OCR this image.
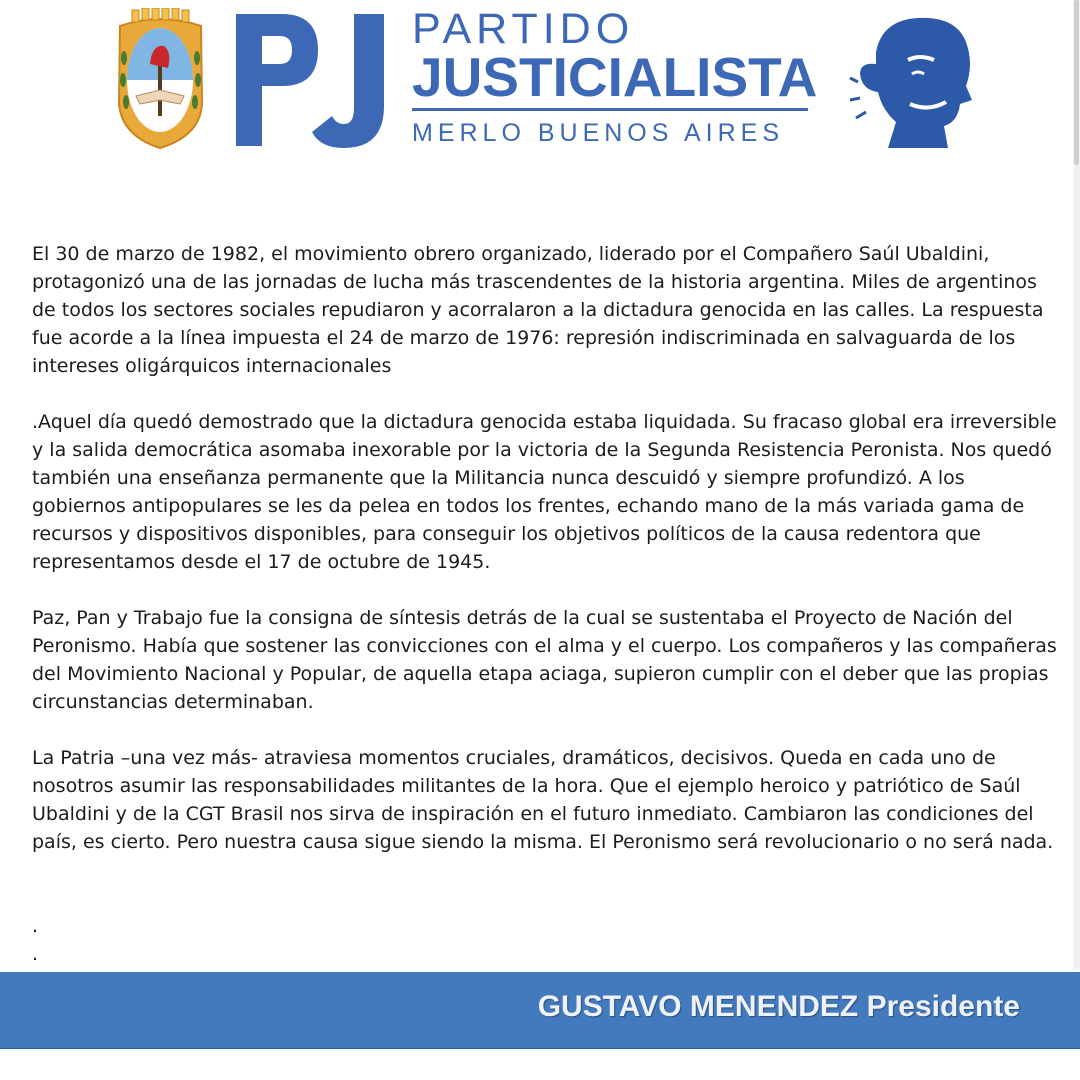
PARTIDO
JUSTICIALISTA
MERLO BUENOS AIRES

El 30 de marzo de 1982, el movimiento obrero organizado, liderado por el Compañero Saúl Ubaldini, protagonizó una de las jornadas de lucha más trascendentes de la historia argentina. Miles de argentinos de todos los sectores sociales repudiaron y acorralaron a la dictadura genocida en las calles. La respuesta fue acorde a la línea impuesta el 24 de marzo de 1976: represión indiscriminada en salvaguarda de los intereses oligárquicos internacionales

.Aquel día quedó demostrado que la dictadura genocida estaba liquidada. Su fracaso global era irreversible y la salida democrática asomaba inexorable por la victoria de la Segunda Resistencia Peronista. Nos quedó también una enseñanza permanente que la Militancia nunca descuidó y siempre profundizó. A los gobiernos antipopulares se les da pelea en todos los frentes, echando mano de la más variada gama de recursos y dispositivos disponibles, para conseguir los objetivos políticos de la causa redentora que representamos desde el 17 de octubre de 1945.

Paz, Pan y Trabajo fue la consigna de síntesis detrás de la cual se sustentaba el Proyecto de Nación del Peronismo. Había que sostener las convicciones con el alma y el cuerpo. Los compañeros y las compañeras del Movimiento Nacional y Popular, de aquella etapa aciaga, supieron cumplir con el deber que las propias circunstancias determinaban.

La Patria –una vez más- atraviesa momentos cruciales, dramáticos, decisivos. Queda en cada uno de nosotros asumir las responsabilidades militantes de la hora. Que el ejemplo heroico y patriótico de Saúl Ubaldini y de la CGT Brasil nos sirva de inspiración en el futuro inmediato. Cambiaron las condiciones del país, es cierto. Pero nuestra causa sigue siendo la misma. El Peronismo será revolucionario o no será nada.

.
.
GUSTAVO MENENDEZ Presidente
